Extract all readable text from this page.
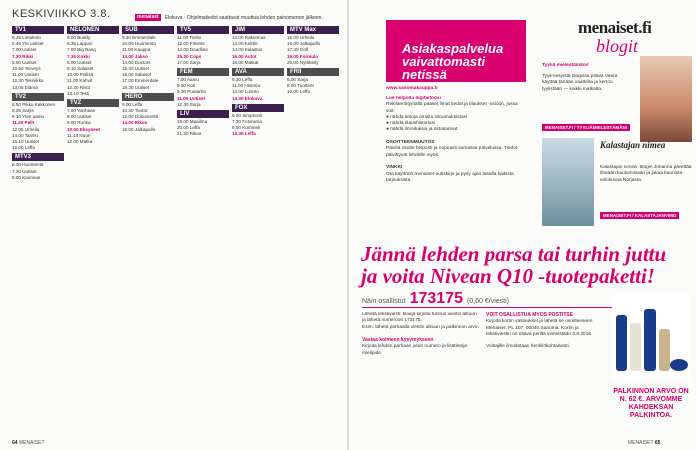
KESKIVIIKKO 3.8.	menaiset	Elokuva · Ohjelmatiedot saattavat muuttua lehden painomenon jälkeen.
TV1
6.25 Lintukoto
6.45 Yle uutiset
7.00 Uutiset
7.30 Rikki
9.00 Uutiset
10.50 Terveys
11.00 Uutiset
12.30 Tekniikka
13.05 Elämä
TV2
6.50 Pikku Kakkonen
8.25 Sarjis
9.10 Ylen aamu
11.20 Pelit
12.05 Urheilu
14.00 Tanssi
15.10 Uutiset
16.00 Leffa
MTV3
6.30 Huomenta
7.30 Uutiset
8.00 Kauneus
NELONEN
6.00 Buddy
6.35 Lappari
7.00 Big Bang
7.35 Kokki
8.00 Uutiset
9.10 Salaiset
10.00 Poliisit
11.00 Kahvit
12.30 Risto
13.10 Testi
TVZ
7.00 Vanhaan
8.00 Uutiset
9.00 Ruoka
10.00 Eksyneet
11.10 Nuori
12.00 Matka
SUB
9.30 Emmerdale
10.00 Huomenta
11.00 Kauppa
13.00 Jakso
14.00 Doctors
15.30 Uutiset
16.00 Salaiset
17.00 Emmerdale
18.30 Uutiset
HERO
9.00 Leffa
10.30 Tiedot
12.00 Dokumentti
14.00 Rikos
16.00 Jalkapallo
TV5
11.00 Tositv
12.00 Fitness
14.00 Deadline
15.30 Cops
17.00 Sarja
FEM
7.00 Aamu
8.00 Koti
9.30 Puutarha
11.00 Uutiset
12.30 Sarja
LIV
19.00 Maailma
20.00 Leffa
21.30 Rikos
JIM
12.00 Rakennus
13.00 Keittiö
14.00 Kalastus
16.00 Autot
18.00 Matkat
AVA
9.30 Leffa
11.00 Historia
13.00 Luonto
14.30 Elokuva
FOX
6.00 Simpsonit
7.30 Futurama
9.00 Kummeli
10.30 Leffa
MTV Max
15.00 Urheilu
16.00 Jalkapallo
17.30 Golf
19.00 Formula
20.00 Nyrkkeily
FRII
6.00 Sarja
8.00 Tuotteet
10.00 Leffa
64 MENAISET
Asiakaspalvelua vaivattomasti netissä
www.sanomakauppa.fi
Lue helpolla digitietoosi
Rekisteröitymällä pääset ilmat tiedot ja tilaukset -osioon, jossa voit:
● nähdä tietoja omista sitoumuksistasi
● nähdä tilaushistoriasi
● nähdä ilmoituksia ja ostosannat

OSOITTEENMUUTOS
Päivitä osoite helposti ja nopeasti samassa palvelussa. Tiedot päivittyvät lehdelle myös.

VINKKI
Ota käyttöön menaiset-uutiskirje ja pysy ajan tasalla kaikista tarjouksista.
menaiset.fi
blogit
Tyyliä mielestämäni!
Tyyli-tiesyistä blogissa pitävä Veera käyttää tänään vaatteita ja kertoo tyylistään — kaikki matkalta.
MENAISET.FI / TYYLIÄMIELESTÄMÄNI
Kalastajan nimea
Kalastajan nimeä -blogin Johanna päivittää tiheään kuulumisiaan ja jakaa kaunista valokuvaa Norjasta.
MENAISET.FI / KALASTAJANVIMO
Jännä lehden parsa tai turhin juttu ja voita Nivean Q10 -tuotepaketti!
Näin osallistut 173175 (0,60 €/viesti)
Lähetä tekstiviesti: tilaaja kirjoita tunnus viestin alkuun ja lähetä numeroon 173175.
Esim. lähetä parhaalla viestin alkuun ja palkinnon arvo.

Vastaa kolmeen kysymykseen
Kirjoita lehden parhaan jutun numero ja lisätietoja mielipide.
VOIT OSALLISTUA MYÖS POSTITSE
Kirjoita kortin vastaukset ja lähetä se osoitteeseen Menaiset, PL 107, 00040 Sanoma. Kortin ja tekstiviestin on oltava perillä viimeistään 3.8.2016.

Voittajille ilmoitetaan henkilökohtaisesti.
PALKINNON ARVO ON N. 62 €. ARVOMME KAHDEKSAN PALKINTOA.
MENAISET 65
